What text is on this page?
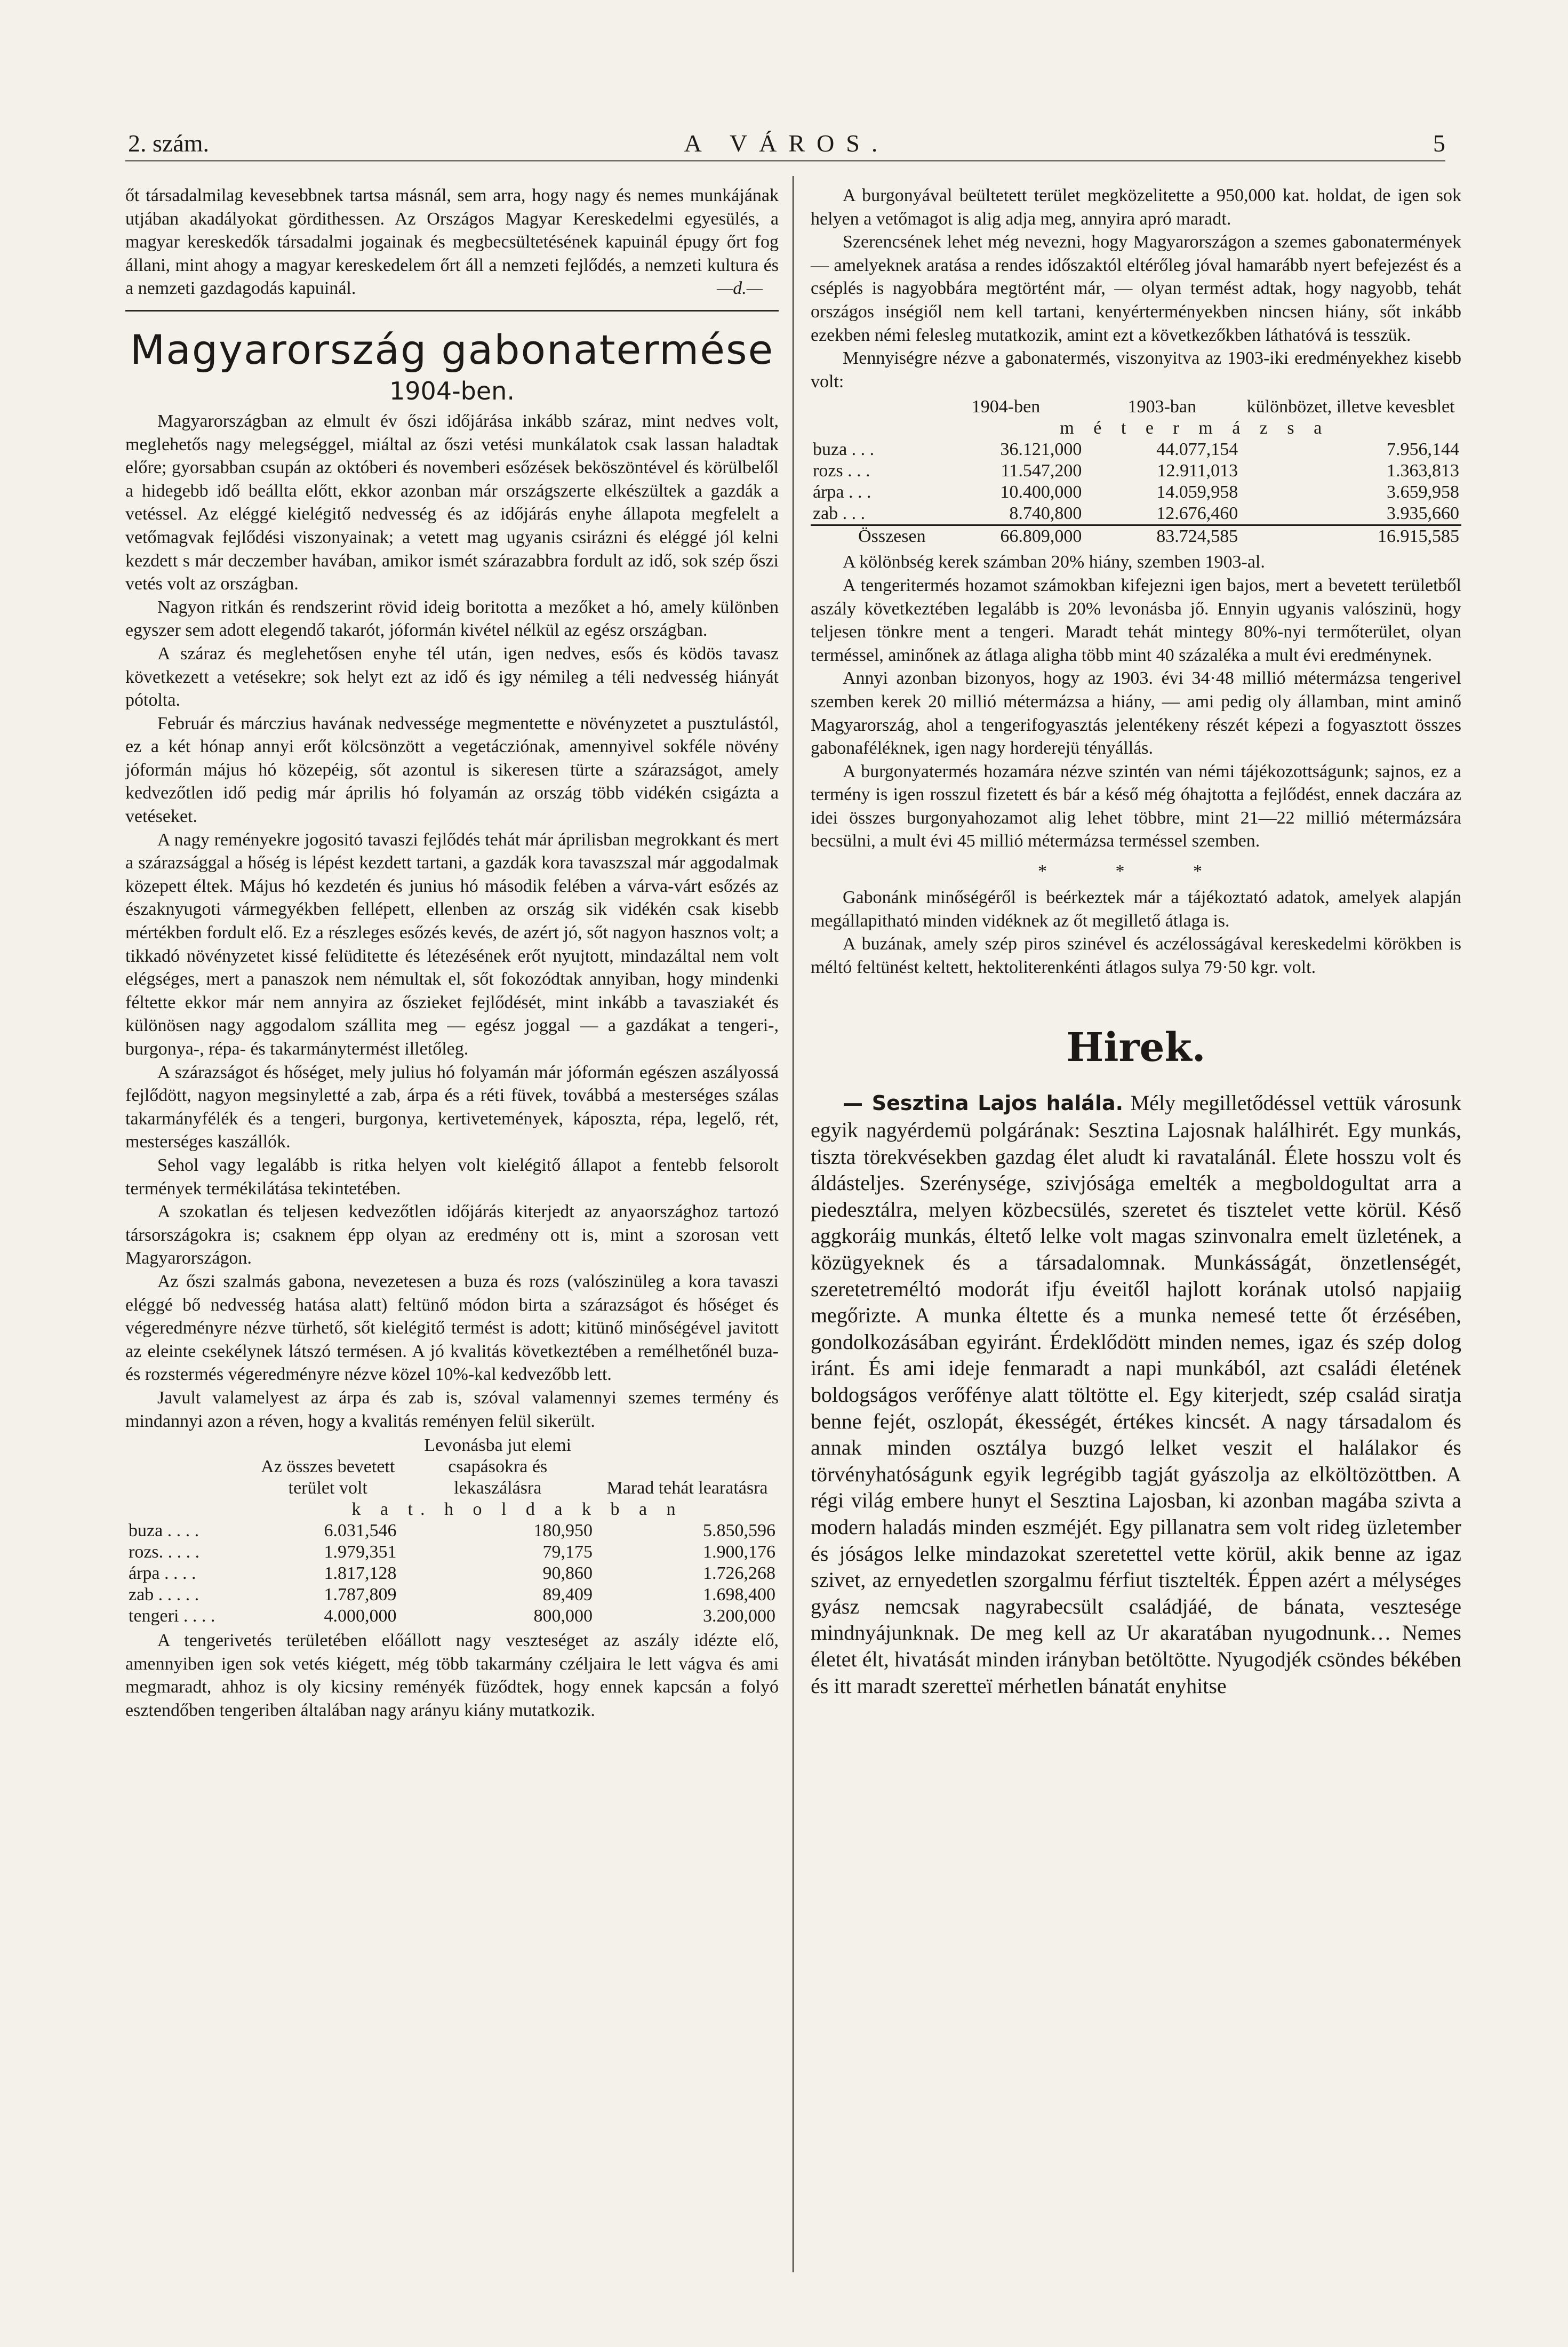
2. szám.	A VÁROS.	5

őt társadalmilag kevesebbnek tartsa másnál, sem arra, hogy nagy és nemes munkájának utjában akadályokat gördithessen. Az Országos Magyar Kereskedelmi egyesülés, a magyar kereskedők társadalmi jogainak és megbecsültetésének kapuinál épugy őrt fog állani, mint ahogy a magyar kereskedelem őrt áll a nemzeti fejlődés, a nemzeti kultura és a nemzeti gazdagodás kapuinál.	—d.—

Magyarország gabonatermése
1904-ben.

Magyarországban az elmult év őszi időjárása inkább száraz, mint nedves volt, meglehetős nagy melegséggel, miáltal az őszi vetési munkálatok csak lassan haladtak előre; gyorsabban csupán az októberi és novemberi esőzések beköszöntével és körülbelől a hidegebb idő beállta előtt, ekkor azonban már országszerte elkészültek a gazdák a vetéssel. Az eléggé kielégitő nedvesség és az időjárás enyhe állapota megfelelt a vetőmagvak fejlődési viszonyainak; a vetett mag ugyanis csirázni és eléggé jól kelni kezdett s már deczember havában, amikor ismét szárazabbra fordult az idő, sok szép őszi vetés volt az országban.

Nagyon ritkán és rendszerint rövid ideig boritotta a mezőket a hó, amely különben egyszer sem adott elegendő takarót, jóformán kivétel nélkül az egész országban.

A száraz és meglehetősen enyhe tél után, igen nedves, esős és ködös tavasz következett a vetésekre; sok helyt ezt az idő és igy némileg a téli nedvesség hiányát pótolta.

Február és márczius havának nedvessége megmentette e növényzetet a pusztulástól, ez a két hónap annyi erőt kölcsönzött a vegetácziónak, amennyivel sokféle növény jóformán május hó közepéig, sőt azontul is sikeresen türte a szárazságot, amely kedvezőtlen idő pedig már április hó folyamán az ország több vidékén csigázta a vetéseket.

A nagy reményekre jogositó tavaszi fejlődés tehát már áprilisban megrokkant és mert a szárazsággal a hőség is lépést kezdett tartani, a gazdák kora tavaszszal már aggodalmak közepett éltek. Május hó kezdetén és junius hó második felében a várva-várt esőzés az északnyugoti vármegyékben fellépett, ellenben az ország sik vidékén csak kisebb mértékben fordult elő. Ez a részleges esőzés kevés, de azért jó, sőt nagyon hasznos volt; a tikkadó növényzetet kissé felüditette és létezésének erőt nyujtott, mindazáltal nem volt elégséges, mert a panaszok nem némultak el, sőt fokozódtak annyiban, hogy mindenki féltette ekkor már nem annyira az őszieket fejlődését, mint inkább a tavasziakét és különösen nagy aggodalom szállita meg — egész joggal — a gazdákat a tengeri-, burgonya-, répa- és takarmánytermést illetőleg.

A szárazságot és hőséget, mely julius hó folyamán már jóformán egészen aszályossá fejlődött, nagyon megsinyletté a zab, árpa és a réti füvek, továbbá a mesterséges szálas takarmányfélék és a tengeri, burgonya, kertivetemények, káposzta, répa, legelő, rét, mesterséges kaszállók.

Sehol vagy legalább is ritka helyen volt kielégitő állapot a fentebb felsorolt termények termékilátása tekintetében.

A szokatlan és teljesen kedvezőtlen időjárás kiterjedt az anyaországhoz tartozó társországokra is; csaknem épp olyan az eredmény ott is, mint a szorosan vett Magyarországon.

Az őszi szalmás gabona, nevezetesen a buza és rozs (valószinüleg a kora tavaszi eléggé bő nedvesség hatása alatt) feltünő módon birta a szárazságot és hőséget és végeredményre nézve türhető, sőt kielégitő termést is adott; kitünő minőségével javitott az eleinte csekélynek látszó termésen. A jó kvalitás következtében a remélhetőnél buza- és rozstermés végeredményre nézve közel 10%-kal kedvezőbb lett.

Javult valamelyest az árpa és zab is, szóval valamennyi szemes termény és mindannyi azon a réven, hogy a kvalitás reményen felül sikerült.

	Az összes bevetett terület volt	Levonásba jut elemi csapásokra és lekaszálásra	Marad tehát learatásra
	k a t. h o l d a k b a n		
buza . . . .	6.031,546	180,950	5.850,596
rozs. . . . .	1.979,351	79,175	1.900,176
árpa . . . .	1.817,128	90,860	1.726,268
zab . . . . .	1.787,809	89,409	1.698,400
tengeri . . . .	4.000,000	800,000	3.200,000

A tengerivetés területében előállott nagy veszteséget az aszály idézte elő, amennyiben igen sok vetés kiégett, még több takarmány czéljaira le lett vágva és ami megmaradt, ahhoz is oly kicsiny reményék füződtek, hogy ennek kapcsán a folyó esztendőben tengeriben általában nagy arányu kiány mutatkozik.

A burgonyával beültetett terület megközelitette a 950,000 kat. holdat, de igen sok helyen a vetőmagot is alig adja meg, annyira apró maradt.

Szerencsének lehet még nevezni, hogy Magyarországon a szemes gabonatermények — amelyeknek aratása a rendes időszaktól eltérőleg jóval hamarább nyert befejezést és a cséplés is nagyobbára megtörtént már, — olyan termést adtak, hogy nagyobb, tehát országos inségiől nem kell tartani, kenyérterményekben nincsen hiány, sőt inkább ezekben némi felesleg mutatkozik, amint ezt a következőkben láthatóvá is tesszük.

Mennyiségre nézve a gabonatermés, viszonyitva az 1903-iki eredményekhez kisebb volt:

	1904-ben	1903-ban	különbözet, illetve kevesblet
	m é t e r m á z s a		
buza . . .	36.121,000	44.077,154	7.956,144
rozs . . .	11.547,200	12.911,013	1.363,813
árpa . . .	10.400,000	14.059,958	3.659,958
zab . . .	8.740,800	12.676,460	3.935,660
Összesen	66.809,000	83.724,585	16.915,585

A kölönbség kerek számban 20% hiány, szemben 1903-al.

A tengeritermés hozamot számokban kifejezni igen bajos, mert a bevetett területből aszály következtében legalább is 20% levonásba jő. Ennyin ugyanis valószinü, hogy teljesen tönkre ment a tengeri. Maradt tehát mintegy 80%-nyi termőterület, olyan terméssel, aminőnek az átlaga aligha több mint 40 százaléka a mult évi eredménynek.

Annyi azonban bizonyos, hogy az 1903. évi 34·48 millió métermázsa tengerivel szemben kerek 20 millió métermázsa a hiány, — ami pedig oly államban, mint aminő Magyarország, ahol a tengerifogyasztás jelentékeny részét képezi a fogyasztott összes gabonaféléknek, igen nagy horderejü tényállás.

A burgonyatermés hozamára nézve szintén van némi tájékozottságunk; sajnos, ez a termény is igen rosszul fizetett és bár a késő még óhajtotta a fejlődést, ennek daczára az idei összes burgonyahozamot alig lehet többre, mint 21—22 millió métermázsára becsülni, a mult évi 45 millió métermázsa terméssel szemben.

* * *

Gabonánk minőségéről is beérkeztek már a tájékoztató adatok, amelyek alapján megállapitható minden vidéknek az őt megillető átlaga is.

A buzának, amely szép piros szinével és aczélosságával kereskedelmi körökben is méltó feltünést keltett, hektoliterenkénti átlagos sulya 79·50 kgr. volt.

Hirek.

— Sesztina Lajos halála. Mély megilletődéssel vettük városunk egyik nagyérdemü polgárának: Sesztina Lajosnak halálhirét. Egy munkás, tiszta törekvésekben gazdag élet aludt ki ravatalánál. Élete hosszu volt és áldásteljes. Szerénysége, szivjósága emelték a megboldogultat arra a piedesztálra, melyen közbecsülés, szeretet és tisztelet vette körül. Késő aggkoráig munkás, éltető lelke volt magas szinvonalra emelt üzletének, a közügyeknek és a társadalomnak. Munkásságát, önzetlenségét, szeretetreméltó modorát ifju éveitől hajlott korának utolsó napjaiig megőrizte. A munka éltette és a munka nemesé tette őt érzésében, gondolkozásában egyiránt. Érdeklődött minden nemes, igaz és szép dolog iránt. És ami ideje fenmaradt a napi munkából, azt családi életének boldogságos verőfénye alatt töltötte el. Egy kiterjedt, szép család siratja benne fejét, oszlopát, ékességét, értékes kincsét. A nagy társadalom és annak minden osztálya buzgó lelket veszit el halálakor és törvényhatóságunk egyik legrégibb tagját gyászolja az elköltözöttben. A régi világ embere hunyt el Sesztina Lajosban, ki azonban magába szivta a modern haladás minden eszméjét. Egy pillanatra sem volt rideg üzletember és jóságos lelke mindazokat szeretettel vette körül, akik benne az igaz szivet, az ernyedetlen szorgalmu férfiut tisztelték. Éppen azért a mélységes gyász nemcsak nagyrabecsült családjáé, de bánata, vesztesége mindnyájunknak. De meg kell az Ur akaratában nyugodnunk… Nemes életet élt, hivatását minden irányban betöltötte. Nyugodjék csöndes békében és itt maradt szeretteï mérhetlen bánatát enyhitse
